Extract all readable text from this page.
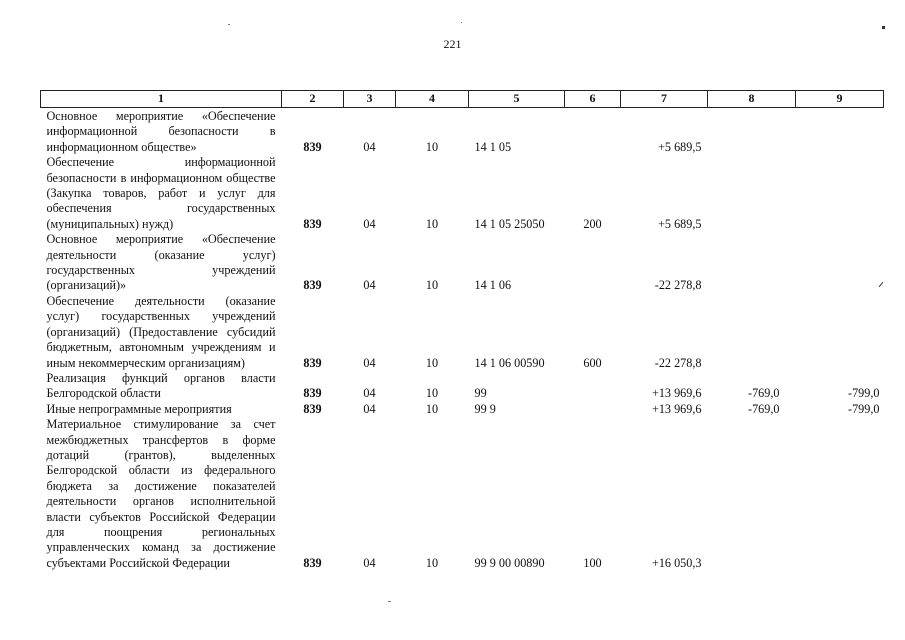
221
1	2	3	4	5	6	7	8	9

Основное мероприятие «Обеспечение информационной безопасности в информационном обществе»	839	04	10	14 1 05		+5 689,5		
Обеспечение информационной безопасности в информационном обществе (Закупка товаров, работ и услуг для обеспечения государственных (муниципальных) нужд)	839	04	10	14 1 05 25050	200	+5 689,5		
Основное мероприятие «Обеспечение деятельности (оказание услуг) государственных учреждений (организаций)»	839	04	10	14 1 06		-22 278,8		
Обеспечение деятельности (оказание услуг) государственных учреждений (организаций) (Предоставление субсидий бюджетным, автономным учреждениям и иным некоммерческим организациям)	839	04	10	14 1 06 00590	600	-22 278,8		
Реализация функций органов власти Белгородской области	839	04	10	99		+13 969,6	-769,0	-799,0
Иные непрограммные мероприятия	839	04	10	99 9		+13 969,6	-769,0	-799,0
Материальное стимулирование за счет межбюджетных трансфертов в форме дотаций (грантов), выделенных Белгородской области из федерального бюджета за достижение показателей деятельности органов исполнительной власти субъектов Российской Федерации для поощрения региональных управленческих команд за достижение субъектами Российской Федерации	839	04	10	99 9 00 00890	100	+16 050,3		
